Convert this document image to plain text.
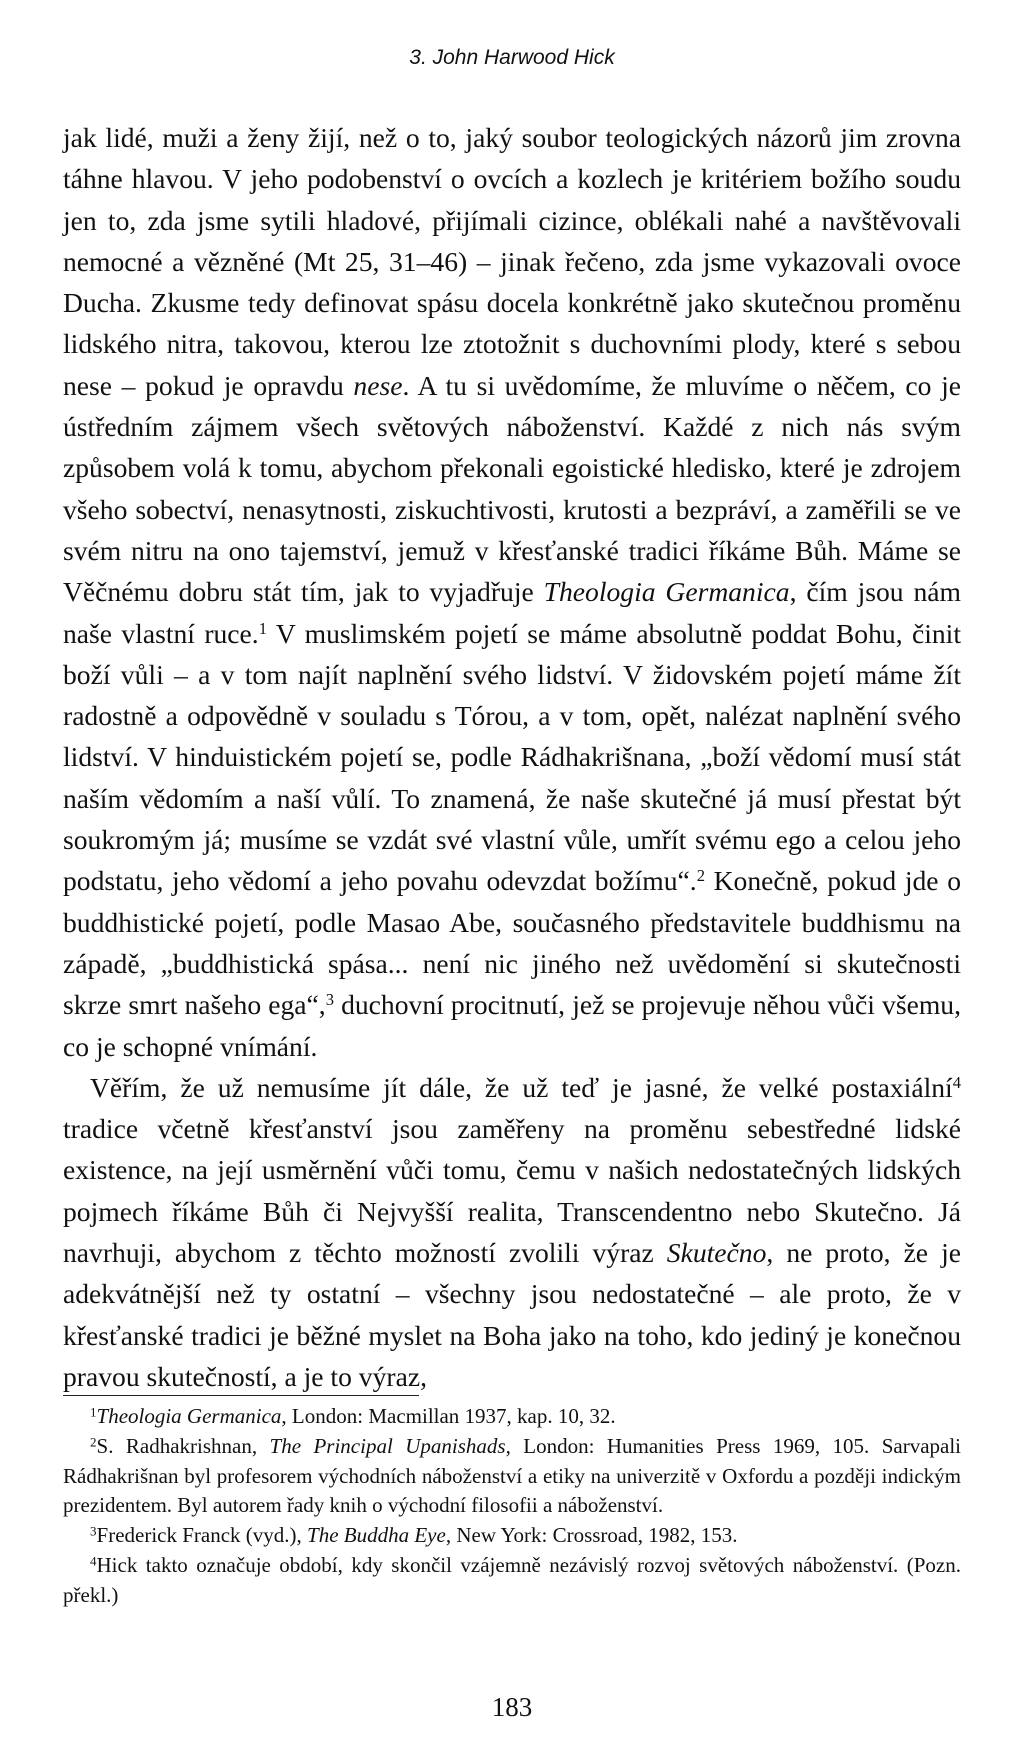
3. John Harwood Hick

jak lidé, muži a ženy žijí, než o to, jaký soubor teologických názorů jim zrovna táhne hlavou. V jeho podobenství o ovcích a kozlech je kritériem božího soudu jen to, zda jsme sytili hladové, přijímali cizince, oblékali nahé a navštěvovali nemocné a vězněné (Mt 25, 31–46) – jinak řečeno, zda jsme vykazovali ovoce Ducha. Zkusme tedy definovat spásu docela konkrétně jako skutečnou proměnu lidského nitra, takovou, kterou lze ztotožnit s duchovními plody, které s sebou nese – pokud je opravdu nese. A tu si uvědomíme, že mluvíme o něčem, co je ústředním zájmem všech světových náboženství. Každé z nich nás svým způsobem volá k tomu, abychom překonali egoistické hledisko, které je zdrojem všeho sobectví, nenasytnosti, ziskuchtivosti, krutosti a bezpráví, a zaměřili se ve svém nitru na ono tajemství, jemuž v křesťanské tradici říkáme Bůh. Máme se Věčnému dobru stát tím, jak to vyjadřuje Theologia Germanica, čím jsou nám naše vlastní ruce.$^1$ V muslimském pojetí se máme absolutně poddat Bohu, činit boží vůli – a v tom najít naplnění svého lidství. V židovském pojetí máme žít radostně a odpovědně v souladu s Tórou, a v tom, opět, nalézat naplnění svého lidství. V hinduistickém pojetí se, podle Rádhakrišnana, „boží vědomí musí stát naším vědomím a naší vůlí. To znamená, že naše skutečné já musí přestat být soukromým já; musíme se vzdát své vlastní vůle, umřít svému ego a celou jeho podstatu, jeho vědomí a jeho povahu odevzdat božímu“.$^2$ Konečně, pokud jde o buddhistické pojetí, podle Masao Abe, současného představitele buddhismu na západě, „buddhistická spása... není nic jiného než uvědomění si skutečnosti skrze smrt našeho ega“,$^3$ duchovní procitnutí, jež se projevuje něhou vůči všemu, co je schopné vnímání.

Věřím, že už nemusíme jít dále, že už teď je jasné, že velké postaxiální$^4$ tradice včetně křesťanství jsou zaměřeny na proměnu sebestředné lidské existence, na její usměrnění vůči tomu, čemu v našich nedostatečných lidských pojmech říkáme Bůh či Nejvyšší realita, Transcendentno nebo Skutečno. Já navrhuji, abychom z těchto možností zvolili výraz Skutečno, ne proto, že je adekvátnější než ty ostatní – všechny jsou nedostatečné – ale proto, že v křesťanské tradici je běžné myslet na Boha jako na toho, kdo jediný je konečnou pravou skutečností, a je to výraz,

$^1$Theologia Germanica, London: Macmillan 1937, kap. 10, 32.

$^2$S. Radhakrishnan, The Principal Upanishads, London: Humanities Press 1969, 105. Sarvapali Rádhakrišnan byl profesorem východních náboženství a etiky na univerzitě v Oxfordu a později indickým prezidentem. Byl autorem řady knih o východní filosofii a náboženství.

$^3$Frederick Franck (vyd.), The Buddha Eye, New York: Crossroad, 1982, 153.

$^4$Hick takto označuje období, kdy skončil vzájemně nezávislý rozvoj světových náboženství. (Pozn. překl.)

183
